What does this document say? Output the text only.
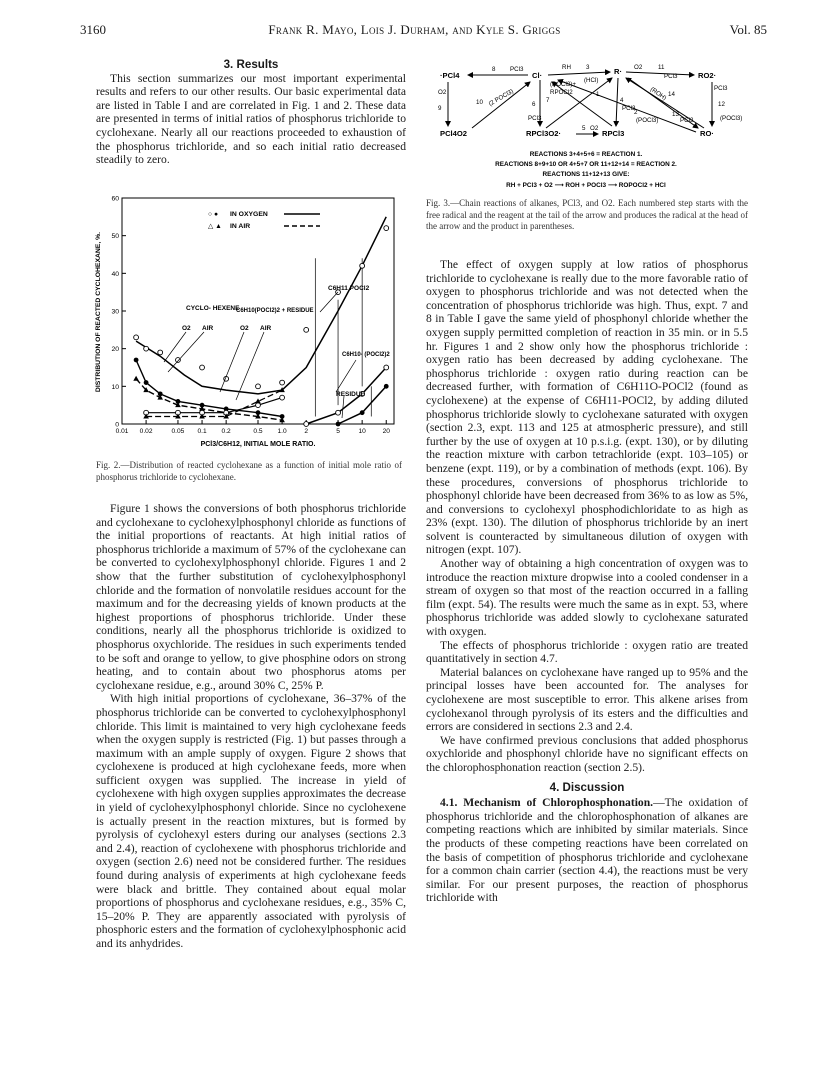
3160	Frank R. Mayo, Lois J. Durham, and Kyle S. Griggs	Vol. 85

3. Results

This section summarizes our most important experimental results and refers to our other results. Our basic experimental data are listed in Table I and are correlated in Fig. 1 and 2. These data are presented in terms of initial ratios of phosphorus trichloride to cyclohexane. Nearly all our reactions proceeded to exhaustion of the phosphorus trichloride, and so each initial ratio decreased steadily to zero.

0
10
20
30
40
50
60
0.01 0.02	0.05 0.1 0.2	0.5 1.0	2	5	10	20
DISTRIBUTION OF REACTED CYCLOHEXANE, %.
PCl3/C6H12, INITIAL MOLE RATIO.
○ ● IN OXYGEN
△ ▲ IN AIR
C6H11 POCl2
CYCLO- HEXENE
O2 AIR
C6H10(POCl2)2 + RESIDUE
O2 AIR
C6H10- (POCl2)2
RESIDUE
Fig. 2.—Distribution of reacted cyclohexane as a function of initial mole ratio of phosphorus trichloride to cyclohexane.

Figure 1 shows the conversions of both phosphorus trichloride and cyclohexane to cyclohexylphosphonyl chloride as functions of the initial proportions of reactants. At high initial ratios of phosphorus trichloride a maximum of 57% of the cyclohexane can be converted to cyclohexylphosphonyl chloride. Figures 1 and 2 show that the further substitution of cyclohexylphosphonyl chloride and the formation of nonvolatile residues account for the maximum and for the decreasing yields of known products at the highest proportions of phosphorus trichloride. Under these conditions, nearly all the phosphorus trichloride is oxidized to phosphorus oxychloride. The residues in such experiments tended to be soft and orange to yellow, to give phosphine odors on strong heating, and to contain about two phosphorus atoms per cyclohexane residue, e.g., around 30% C, 25% P.

With high initial proportions of cyclohexane, 36–37% of the phosphorus trichloride can be converted to cyclohexylphosphonyl chloride. This limit is maintained to very high cyclohexane feeds when the oxygen supply is restricted (Fig. 1) but passes through a maximum with an ample supply of oxygen. Figure 2 shows that cyclohexene is produced at high cyclohexane feeds, more when sufficient oxygen was supplied. The increase in yield of cyclohexene with high oxygen supplies approximates the decrease in yield of cyclohexylphosphonyl chloride. Since no cyclohexene is actually present in the reaction mixtures, but is formed by pyrolysis of cyclohexyl esters during our analyses (sections 2.3 and 2.4), reaction of cyclohexene with phosphorus trichloride and oxygen (section 2.6) need not be considered further. The residues found during analysis of experiments at high cyclohexane feeds were black and brittle. They contained about equal molar proportions of phosphorus and cyclohexane residues, e.g., 35% C, 15–20% P. They are apparently associated with pyrolysis of phosphoric esters and the formation of cyclohexylphosphonic acid and its anhydrides.

·PCl4	Cl·	R·	RO2·
PCl4O2	RPCl3O2·	RPCl3	RO·
8 PCl3	RH 3	O2	11
O2
9
10 (2 POCl3)
(POCl3)+
RPOCl2
7
(HCl)
6
PCl3
4
PCl3
5 O2
1	(ROH) 14
12
PCl3
(POCl3)
13
PCl3
2
(POCl3)
PCl3
REACTIONS 3+4+5+6 = REACTION 1.
REACTIONS 8+9+10 OR 4+5+7 OR 11+12+14 = REACTION 2.
REACTIONS 11+12+13 GIVE:
RH + PCl3 + O2 ⟶ ROH + POCl3 ⟶ ROPOCl2 + HCl
Fig. 3.—Chain reactions of alkanes, PCl3, and O2. Each numbered step starts with the free radical and the reagent at the tail of the arrow and produces the radical at the head of the arrow and the product in parentheses.

The effect of oxygen supply at low ratios of phosphorus trichloride to cyclohexane is really due to the more favorable ratio of oxygen to phosphorus trichloride and was not detected when the concentration of phosphorus trichloride was high. Thus, expt. 7 and 8 in Table I gave the same yield of phosphonyl chloride whether the oxygen supply permitted completion of reaction in 35 min. or in 5.5 hr. Figures 1 and 2 show only how the phosphorus trichloride : oxygen ratio has been decreased by adding cyclohexane. The phosphorus trichloride : oxygen ratio during reaction can be decreased further, with formation of C6H11O-POCl2 (found as cyclohexene) at the expense of C6H11-POCl2, by adding diluted phosphorus trichloride slowly to cyclohexane saturated with oxygen (section 2.3, expt. 113 and 125 at atmospheric pressure), and still further by the use of oxygen at 10 p.s.i.g. (expt. 130), or by diluting the reaction mixture with carbon tetrachloride (expt. 103–105) or benzene (expt. 119), or by a combination of methods (expt. 106). By these procedures, conversions of phosphorus trichloride to phosphonyl chloride have been decreased from 36% to as low as 5%, and conversions to cyclohexyl phosphodichloridate to as high as 23% (expt. 130). The dilution of phosphorus trichloride by an inert solvent is counteracted by simultaneous dilution of oxygen with nitrogen (expt. 107).

Another way of obtaining a high concentration of oxygen was to introduce the reaction mixture dropwise into a cooled condenser in a stream of oxygen so that most of the reaction occurred in a falling film (expt. 54). The results were much the same as in expt. 53, where phosphorus trichloride was added slowly to cyclohexane saturated with oxygen.

The effects of phosphorus trichloride : oxygen ratio are treated quantitatively in section 4.7.

Material balances on cyclohexane have ranged up to 95% and the principal losses have been accounted for. The analyses for cyclohexene are most susceptible to error. This alkene arises from cyclohexanol through pyrolysis of its esters and the difficulties and errors are considered in sections 2.3 and 2.4.

We have confirmed previous conclusions that added phosphorus oxychloride and phosphonyl chloride have no significant effects on the chlorophosphonation reaction (section 2.5).

4. Discussion

4.1. Mechanism of Chlorophosphonation.—The oxidation of phosphorus trichloride and the chlorophosphonation of alkanes are competing reactions which are inhibited by similar materials. Since the products of these competing reactions have been correlated on the basis of competition of phosphorus trichloride and cyclohexane for a common chain carrier (section 4.4), the reactions must be very similar. For our present purposes, the reaction of phosphorus trichloride with
